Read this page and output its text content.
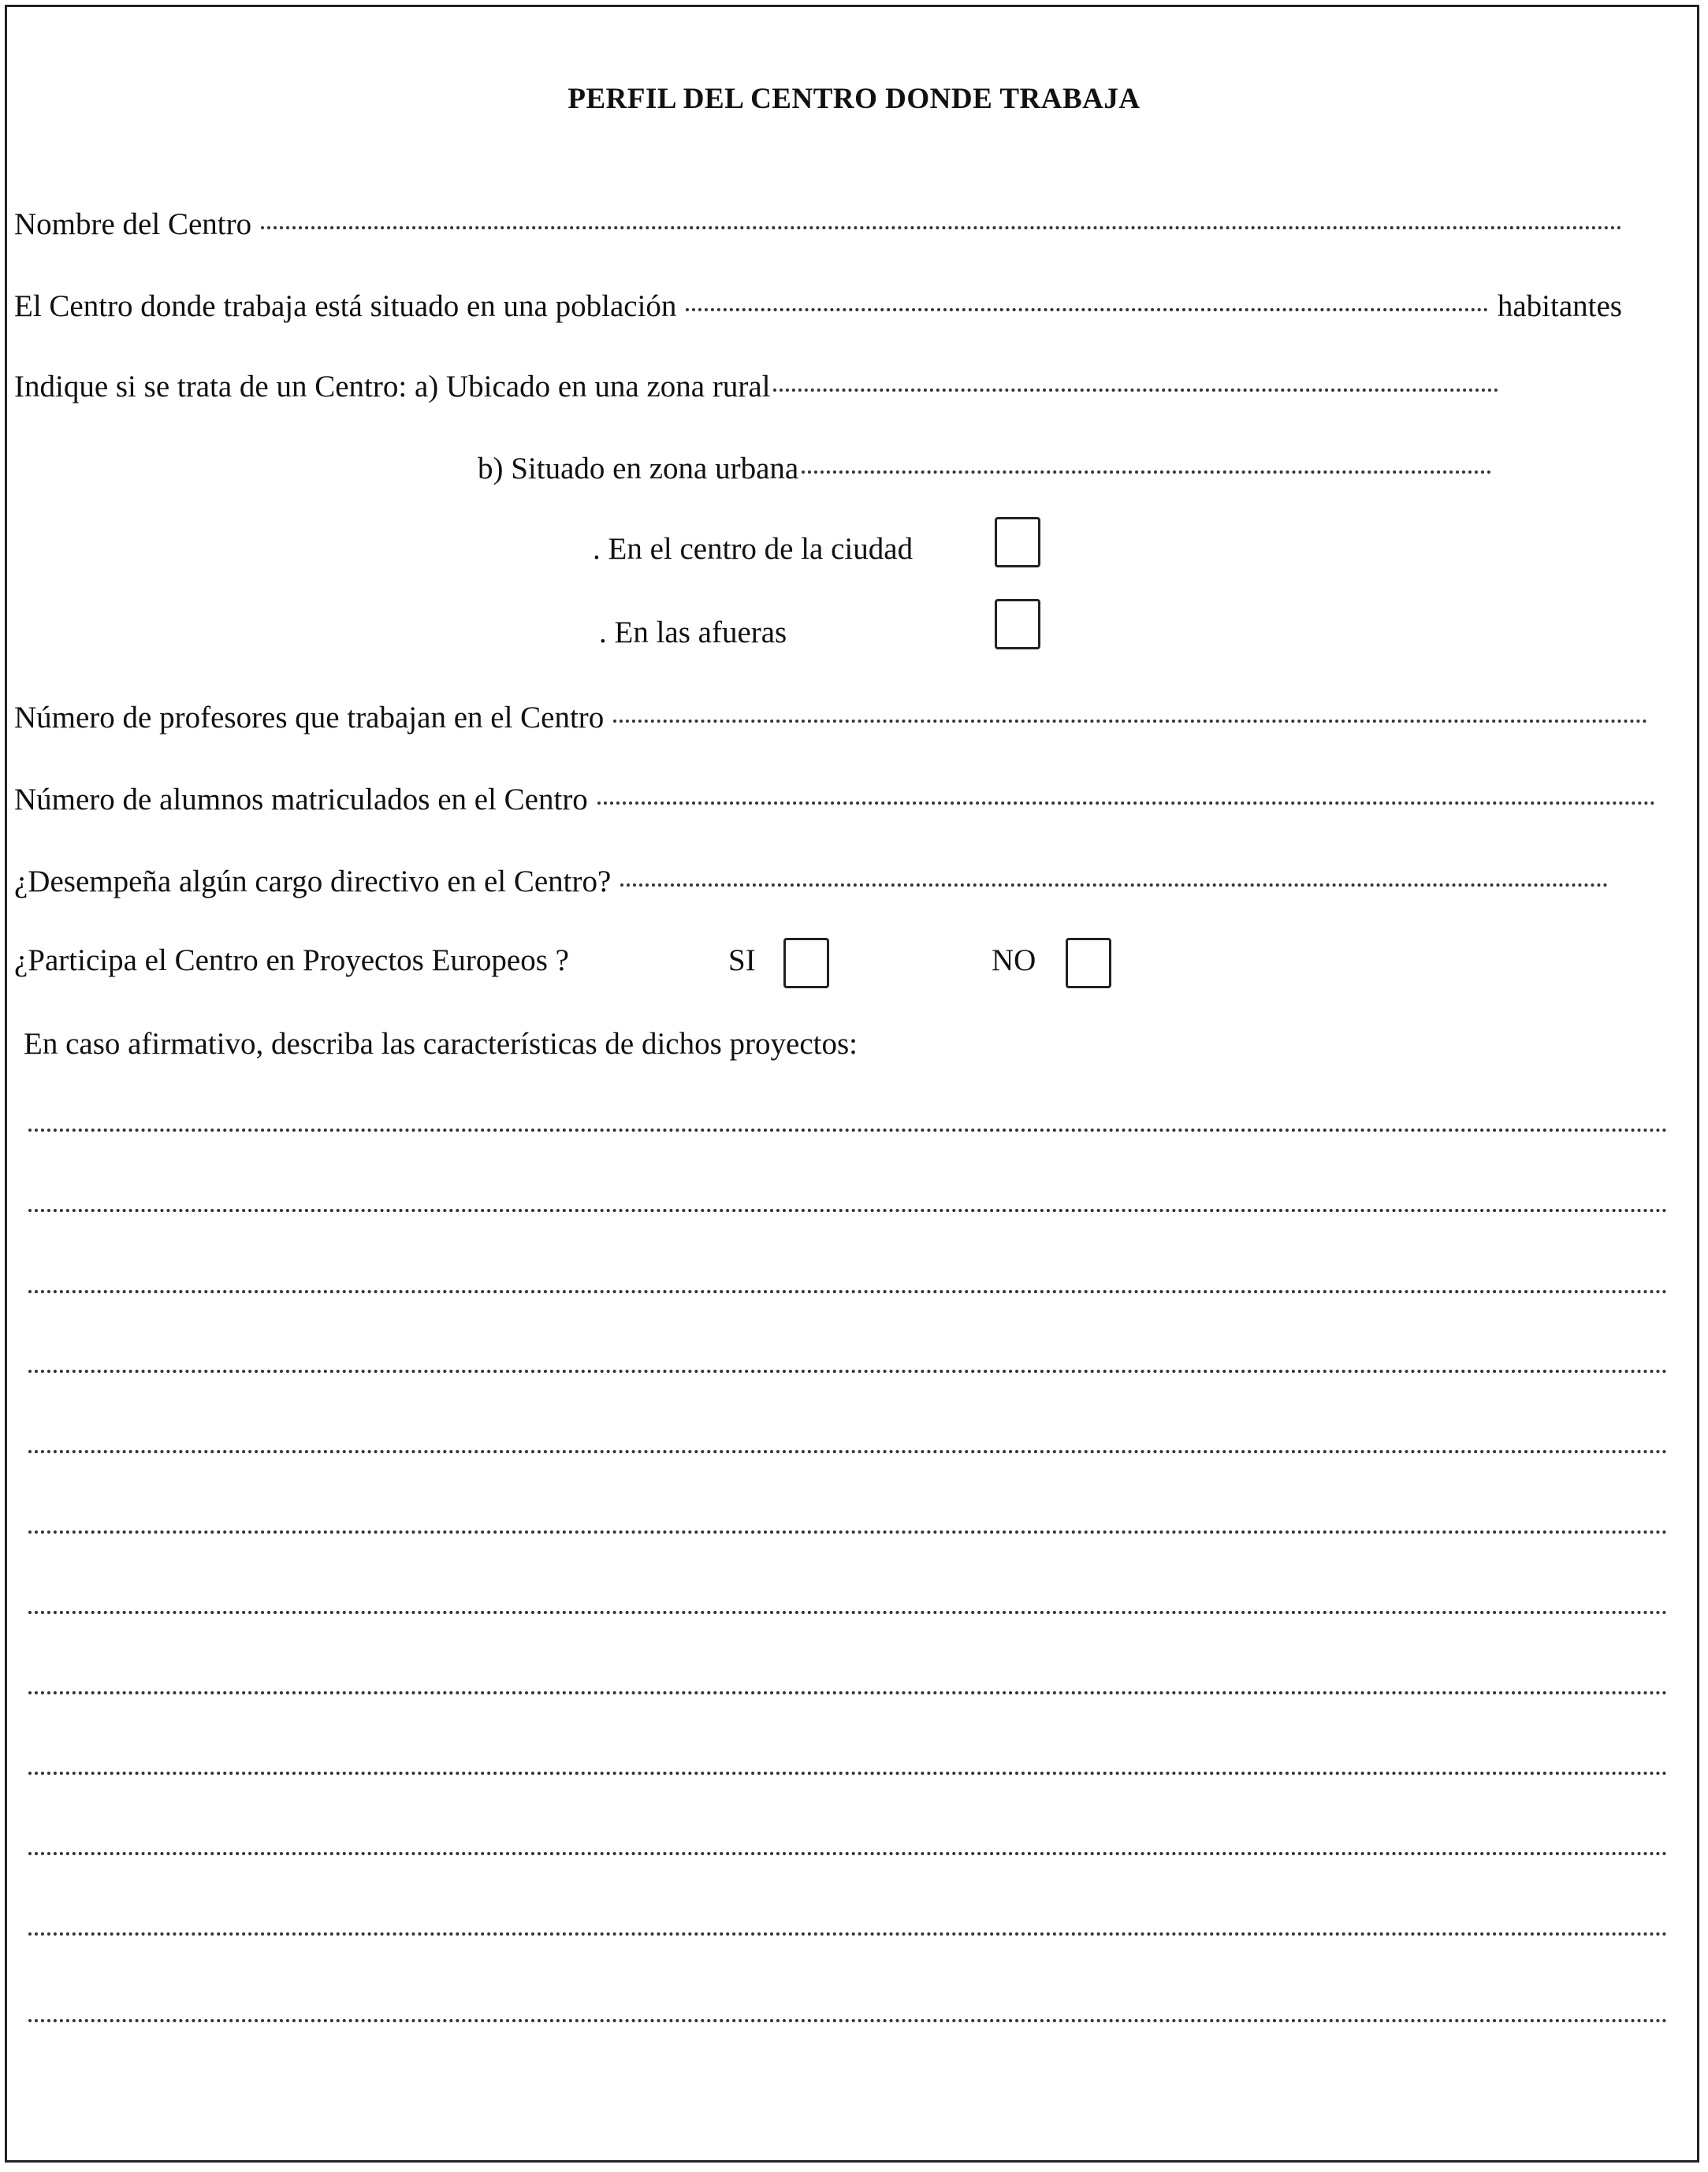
PERFIL DEL CENTRO DONDE TRABAJA
Nombre del Centro
El Centro donde trabaja está situado en una población	habitantes
Indique si se trata de un Centro: a) Ubicado en una zona rural
b) Situado en zona urbana
. En el centro de la ciudad
. En las afueras
Número de profesores que trabajan en el Centro
Número de alumnos matriculados en el Centro
¿Desempeña algún cargo directivo en el Centro?
¿Participa el Centro en Proyectos Europeos ?	SI	NO
En caso afirmativo, describa las características de dichos proyectos:
